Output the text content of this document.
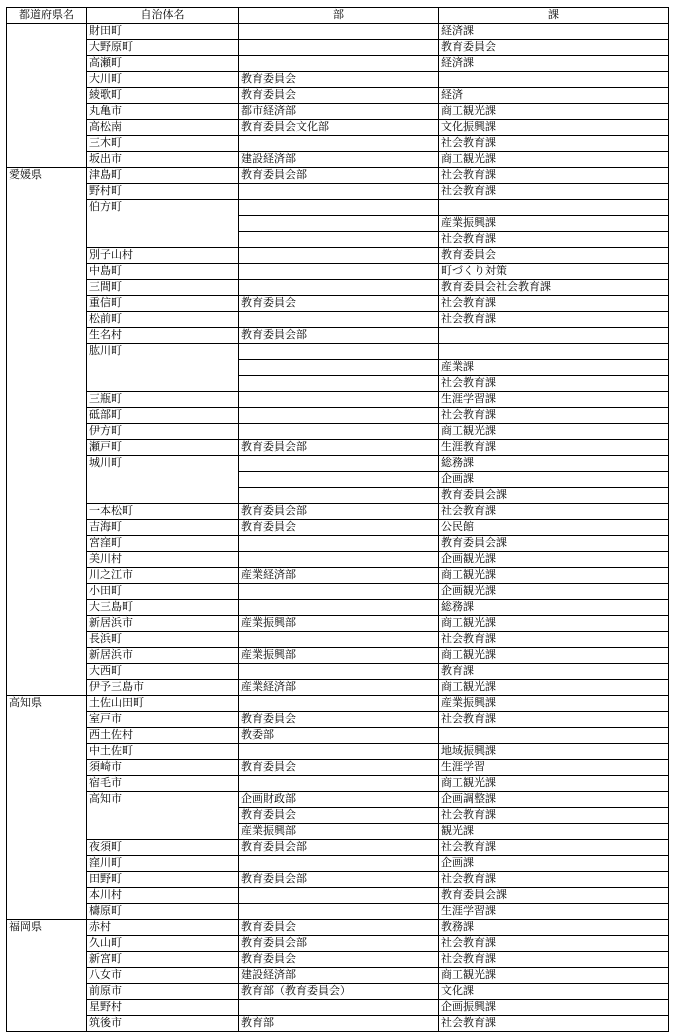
都道府県名	自治体名	部	課
	財田町		経済課
	大野原町		教育委員会
	高瀬町		経済課
	大川町	教育委員会	
	綾歌町	教育委員会	経済
	丸亀市	都市経済部	商工観光課
	高松南	教育委員会文化部	文化振興課
	三木町		社会教育課
	坂出市	建設経済部	商工観光課
愛媛県	津島町	教育委員会部	社会教育課
	野村町		社会教育課
	伯方町		
			産業振興課
			社会教育課
	別子山村		教育委員会
	中島町		町づくり対策
	三間町		教育委員会社会教育課
	重信町	教育委員会	社会教育課
	松前町		社会教育課
	生名村	教育委員会部	
	肱川町		
			産業課
			社会教育課
	三瓶町		生涯学習課
	砥部町		社会教育課
	伊方町		商工観光課
	瀬戸町	教育委員会部	生涯教育課
	城川町		総務課
			企画課
			教育委員会課
	一本松町	教育委員会部	社会教育課
	吉海町	教育委員会	公民館
	宮窪町		教育委員会課
	美川村		企画観光課
	川之江市	産業経済部	商工観光課
	小田町		企画観光課
	大三島町		総務課
	新居浜市	産業振興部	商工観光課
	長浜町		社会教育課
	新居浜市	産業振興部	商工観光課
	大西町		教育課
	伊予三島市	産業経済部	商工観光課
高知県	土佐山田町		産業振興課
	室戸市	教育委員会	社会教育課
	西土佐村	教委部	
	中土佐町		地域振興課
	須崎市	教育委員会	生涯学習
	宿毛市		商工観光課
	高知市	企画財政部	企画調整課
		教育委員会	社会教育課
		産業振興部	観光課
	夜須町	教育委員会部	社会教育課
	窪川町		企画課
	田野町	教育委員会部	社会教育課
	本川村		教育委員会課
	檮原町		生涯学習課
福岡県	赤村	教育委員会	教務課
	久山町	教育委員会部	社会教育課
	新宮町	教育委員会	社会教育課
	八女市	建設経済部	商工観光課
	前原市	教育部（教育委員会）	文化課
	星野村		企画振興課
	筑後市	教育部	社会教育課
